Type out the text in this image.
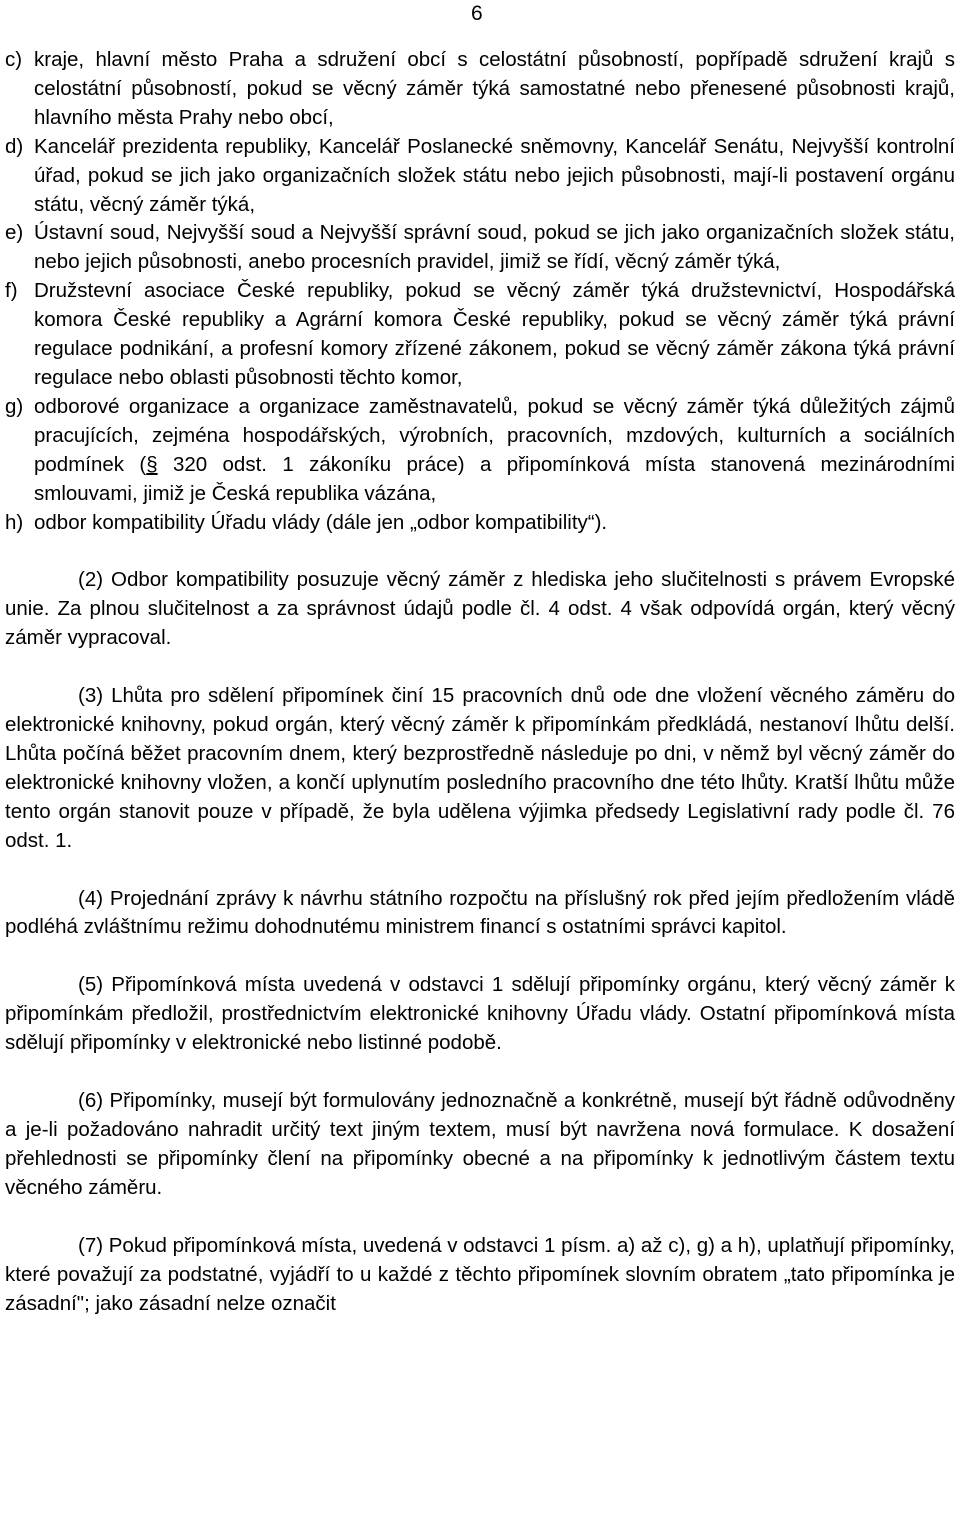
6

c) kraje, hlavní město Praha a sdružení obcí s celostátní působností, popřípadě sdružení krajů s celostátní působností, pokud se věcný záměr týká samostatné nebo přenesené působnosti krajů, hlavního města Prahy nebo obcí,

d) Kancelář prezidenta republiky, Kancelář Poslanecké sněmovny, Kancelář Senátu, Nejvyšší kontrolní úřad, pokud se jich jako organizačních složek státu nebo jejich působnosti, mají-li postavení orgánu státu, věcný záměr týká,

e) Ústavní soud, Nejvyšší soud a Nejvyšší správní soud, pokud se jich jako organizačních složek státu, nebo jejich působnosti, anebo procesních pravidel, jimiž se řídí, věcný záměr týká,

f) Družstevní asociace České republiky, pokud se věcný záměr týká družstevnictví, Hospodářská komora České republiky a Agrární komora České republiky, pokud se věcný záměr týká právní regulace podnikání, a profesní komory zřízené zákonem, pokud se věcný záměr zákona týká právní regulace nebo oblasti působnosti těchto komor,

g) odborové organizace a organizace zaměstnavatelů, pokud se věcný záměr týká důležitých zájmů pracujících, zejména hospodářských, výrobních, pracovních, mzdových, kulturních a sociálních podmínek (§ 320 odst. 1 zákoníku práce) a připomínková místa stanovená mezinárodními smlouvami, jimiž je Česká republika vázána,

h) odbor kompatibility Úřadu vlády (dále jen „odbor kompatibility“).

(2) Odbor kompatibility posuzuje věcný záměr z hlediska jeho slučitelnosti s právem Evropské unie. Za plnou slučitelnost a za správnost údajů podle čl. 4 odst. 4 však odpovídá orgán, který věcný záměr vypracoval.

(3) Lhůta pro sdělení připomínek činí 15 pracovních dnů ode dne vložení věcného záměru do elektronické knihovny, pokud orgán, který věcný záměr k připomínkám předkládá, nestanoví lhůtu delší. Lhůta počíná běžet pracovním dnem, který bezprostředně následuje po dni, v němž byl věcný záměr do elektronické knihovny vložen, a končí uplynutím posledního pracovního dne této lhůty. Kratší lhůtu může tento orgán stanovit pouze v případě, že byla udělena výjimka předsedy Legislativní rady podle čl. 76 odst. 1.

(4) Projednání zprávy k návrhu státního rozpočtu na příslušný rok před jejím předložením vládě podléhá zvláštnímu režimu dohodnutému ministrem financí s ostatními správci kapitol.

(5) Připomínková místa uvedená v odstavci 1 sdělují připomínky orgánu, který věcný záměr k připomínkám předložil, prostřednictvím elektronické knihovny Úřadu vlády. Ostatní připomínková místa sdělují připomínky v elektronické nebo listinné podobě.

(6) Připomínky, musejí být formulovány jednoznačně a konkrétně, musejí být řádně odůvodněny a je-li požadováno nahradit určitý text jiným textem, musí být navržena nová formulace. K dosažení přehlednosti se připomínky člení na připomínky obecné a na připomínky k jednotlivým částem textu věcného záměru.

(7) Pokud připomínková místa, uvedená v odstavci 1 písm. a) až c), g) a h), uplatňují připomínky, které považují za podstatné, vyjádří to u každé z těchto připomínek slovním obratem „tato připomínka je zásadní"; jako zásadní nelze označit
